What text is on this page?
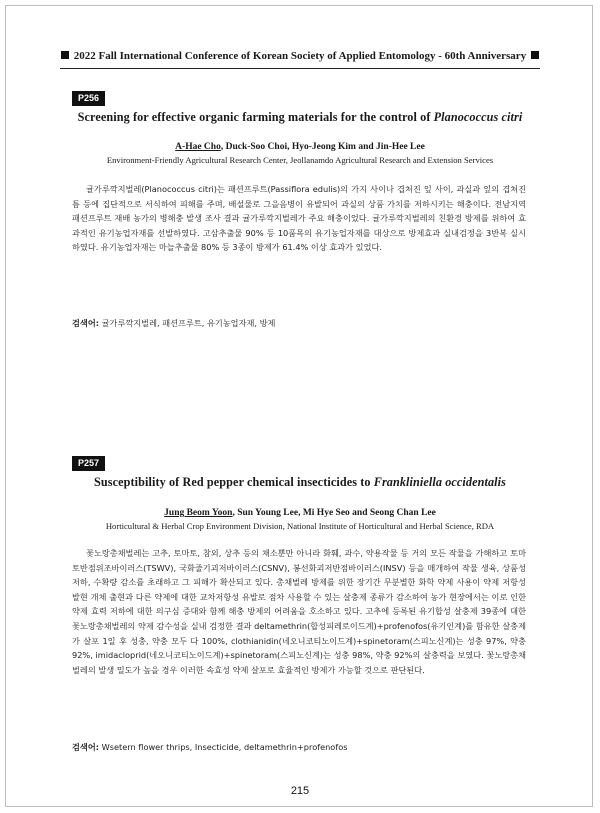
2022 Fall International Conference of Korean Society of Applied Entomology - 60th Anniversary
P256
Screening for effective organic farming materials for the control of Planococcus citri
A-Hae Cho, Duck-Soo Choi, Hyo-Jeong Kim and Jin-Hee Lee
Environment-Friendly Agricultural Research Center, Jeollanamdo Agricultural Research and Extension Services
귤가루깍지벌레(Planococcus citri)는 패션프루트(Passiflora edulis)의 가지 사이나 겹쳐진 잎 사이, 과실과 잎의 겹쳐진 틈 등에 집단적으로 서식하여 피해를 주며, 배설물로 그을음병이 유발되어 과실의 상품 가치를 저하시키는 해충이다. 전남지역 패션프루트 재배 농가의 병해충 발생 조사 결과 귤가루깍지벌레가 주요 해충이었다. 귤가루깍지벌레의 친환경 방제를 위하여 효과적인 유기농업자재를 선발하였다. 고삼추출물 90% 등 10품목의 유기농업자재를 대상으로 방제효과 실내검정을 3반복 실시하였다. 유기농업자재는 마늘추출물 80% 등 3종이 방제가 61.4% 이상 효과가 있었다.
검색어: 귤가루깍지벌레, 패션프루트, 유기농업자재, 방제
P257
Susceptibility of Red pepper chemical insecticides to Frankliniella occidentalis
Jung Beom Yoon, Sun Young Lee, Mi Hye Seo and Seong Chan Lee
Horticultural & Herbal Crop Environment Division, National Institute of Horticultural and Herbal Science, RDA
꽃노랑총채벌레는 고추, 토마토, 참외, 상추 등의 채소뿐만 아니라 화훼, 과수, 약용작물 등 거의 모든 작물을 가해하고 토마토반점위조바이러스(TSWV), 국화줄기괴저바이러스(CSNV), 봉선화괴저반점바이러스(INSV) 등을 매개하여 작물 생육, 상품성 저하, 수확량 감소를 초래하고 그 피해가 확산되고 있다. 총채벌레 방제를 위한 장기간 무분별한 화학 약제 사용이 약제 저항성 발현 개체 출현과 다른 약제에 대한 교차저항성 유발로 점차 사용할 수 있는 살충제 종류가 감소하여 농가 현장에서는 이로 인한 약제 효력 저하에 대한 의구심 증대와 함께 해충 방제의 어려움을 호소하고 있다. 고추에 등록된 유기합성 살충제 39종에 대한 꽃노랑총채벌레의 약제 감수성을 실내 검정한 결과 deltamethrin(합성피레로이드계)+profenofos(유기인계)를 함유한 살충제가 살포 1일 후 성충, 약충 모두 다 100%, clothianidin(네오니코티노이드계)+spinetoram(스피노신계)는 성충 97%, 약충 92%, imidacloprid(네오니코티노이드계)+spinetoram(스피노신계)는 성충 98%, 약충 92%의 살충력을 보였다. 꽃노랑총채벌레의 발생 밀도가 높을 경우 이러한 속효성 약제 살포로 효율적인 방제가 가능할 것으로 판단된다.
검색어: Wsetern flower thrips, Insecticide, deltamethrin+profenofos
215
